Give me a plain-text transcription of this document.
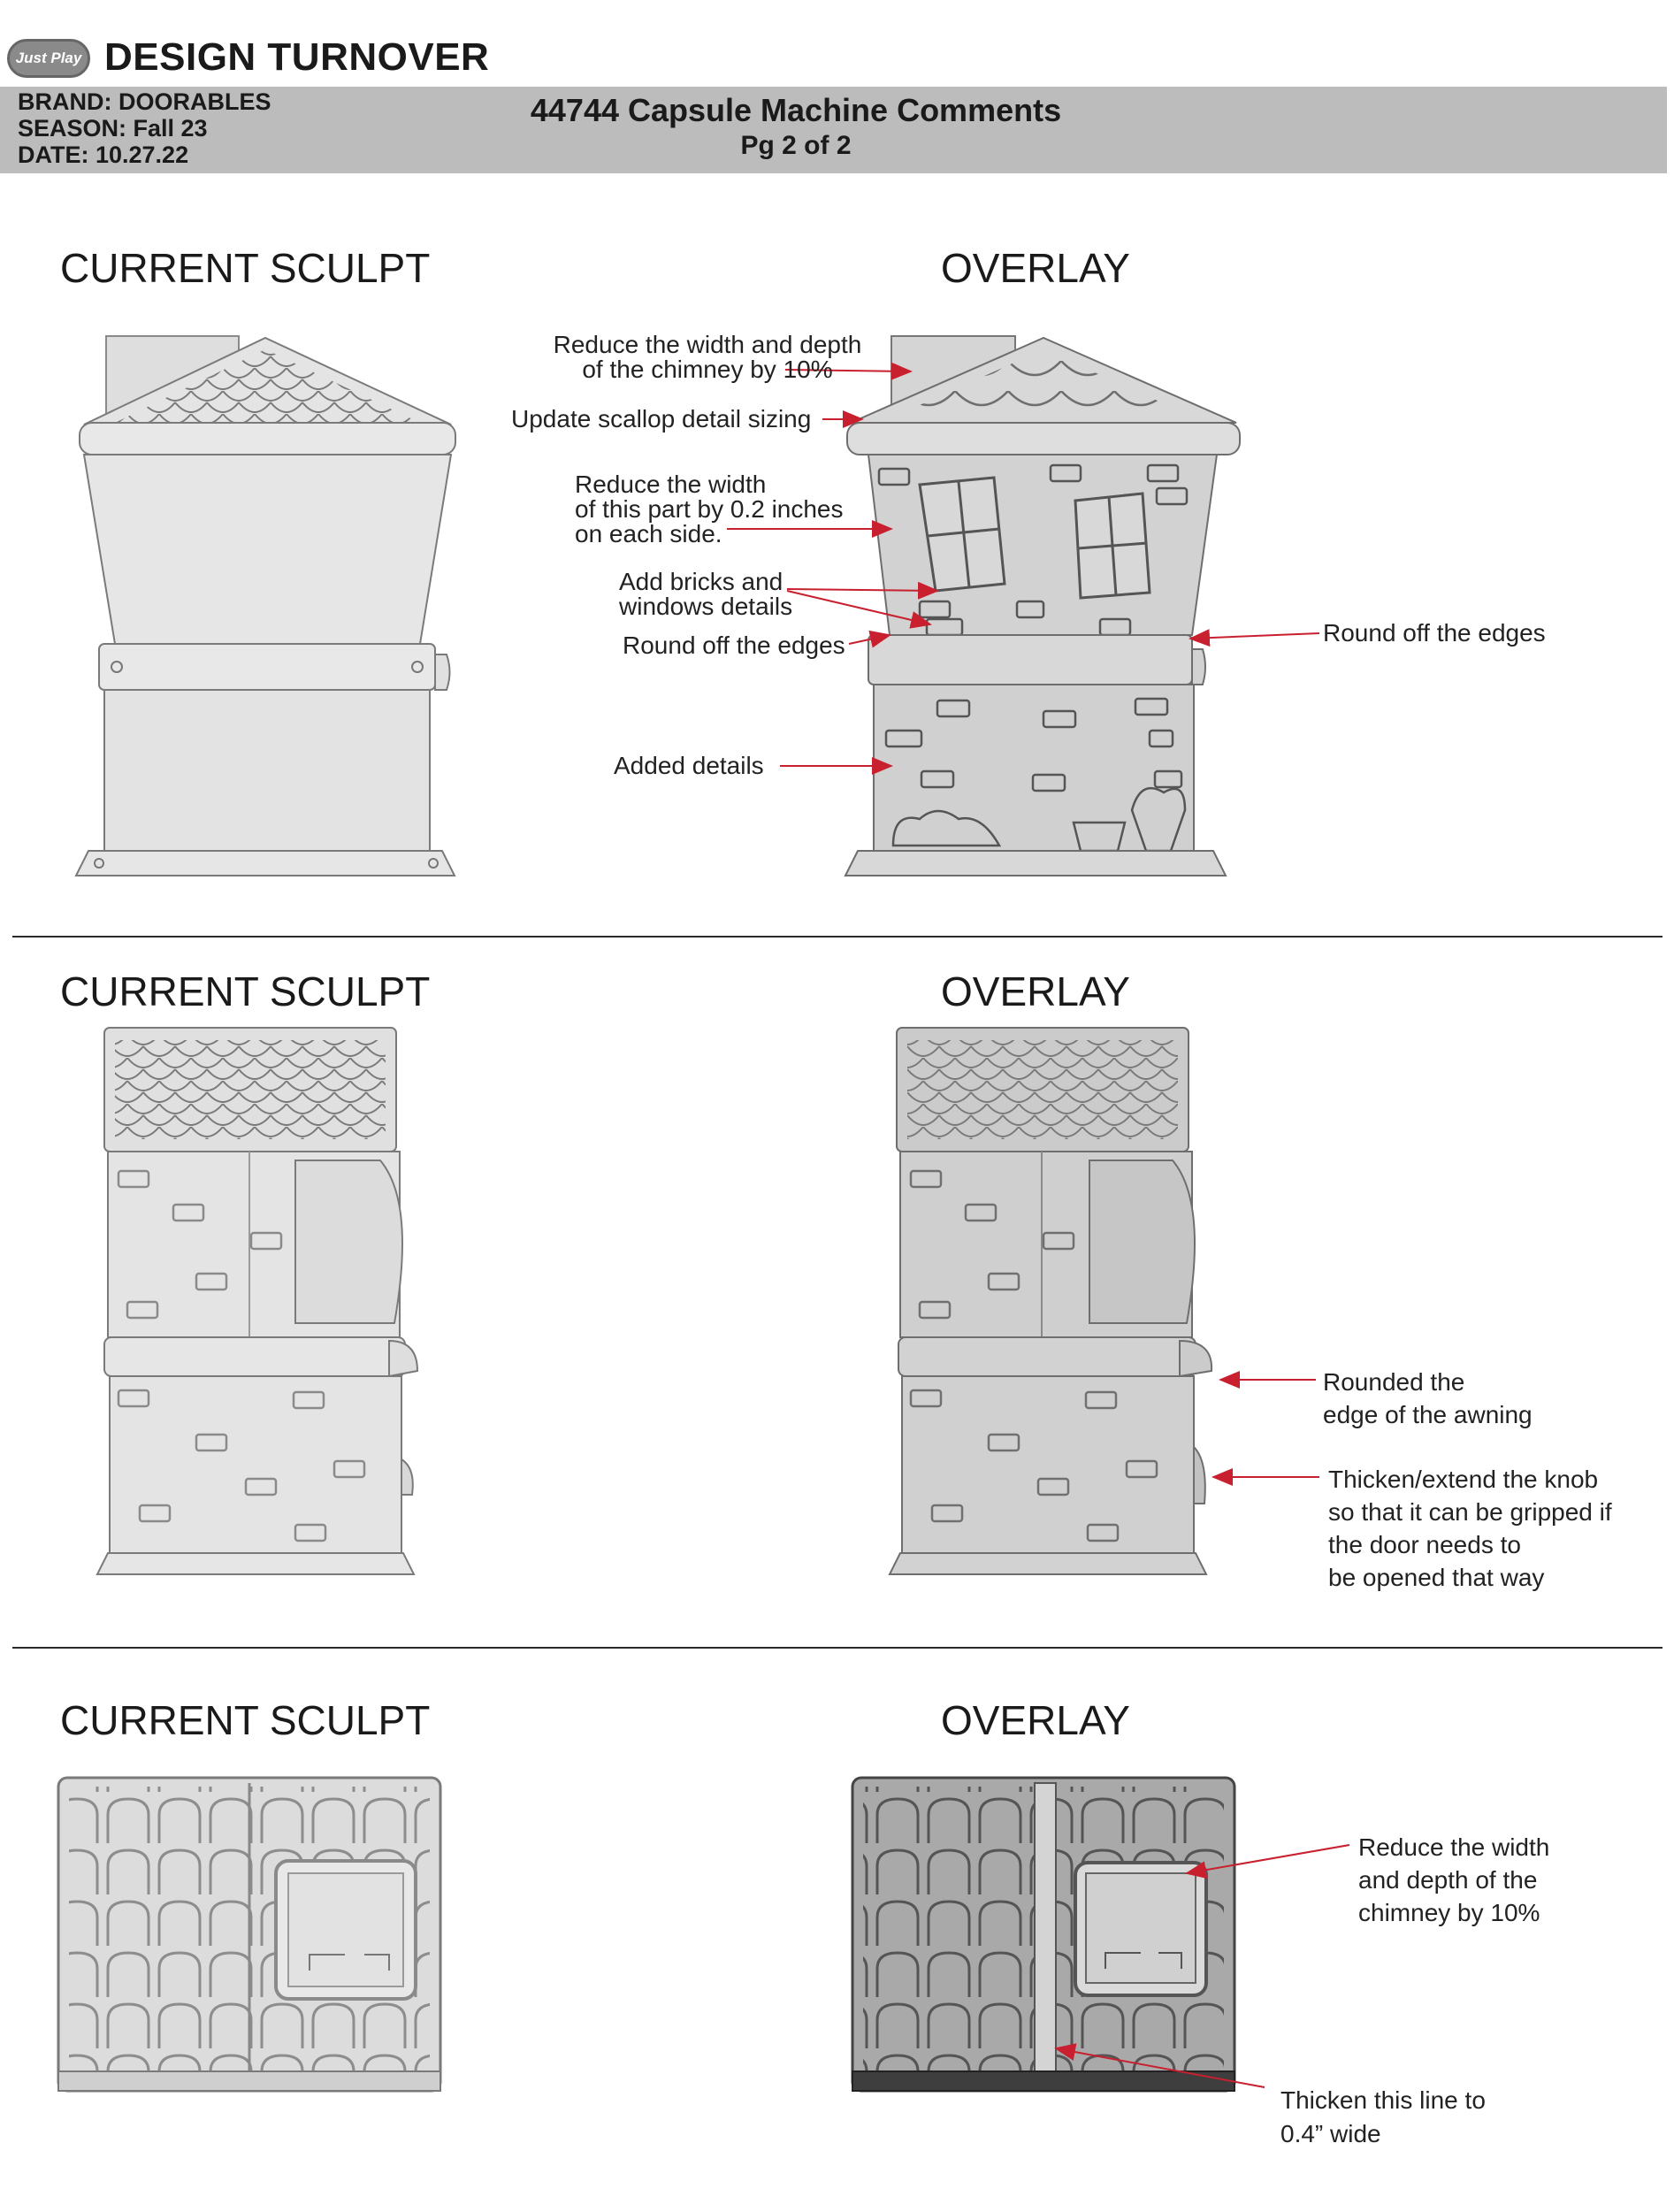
Just Play DESIGN TURNOVER
BRAND: DOORABLES
SEASON: Fall 23
DATE: 10.27.22
44744 Capsule Machine Comments
Pg 2 of 2
CURRENT SCULPT	OVERLAY
CURRENT SCULPT	OVERLAY
CURRENT SCULPT	OVERLAY
Reduce the width and depth
of the chimney by 10%
Update scallop detail sizing
Reduce the width
of this part by 0.2 inches
on each side.
Add bricks and
windows details
Round off the edges	Round off the edges
Added details
Rounded the
edge of the awning
Thicken/extend the knob
so that it can be gripped if
the door needs to
be opened that way
Reduce the width
and depth of the
chimney by 10%
Thicken this line to
0.4” wide
